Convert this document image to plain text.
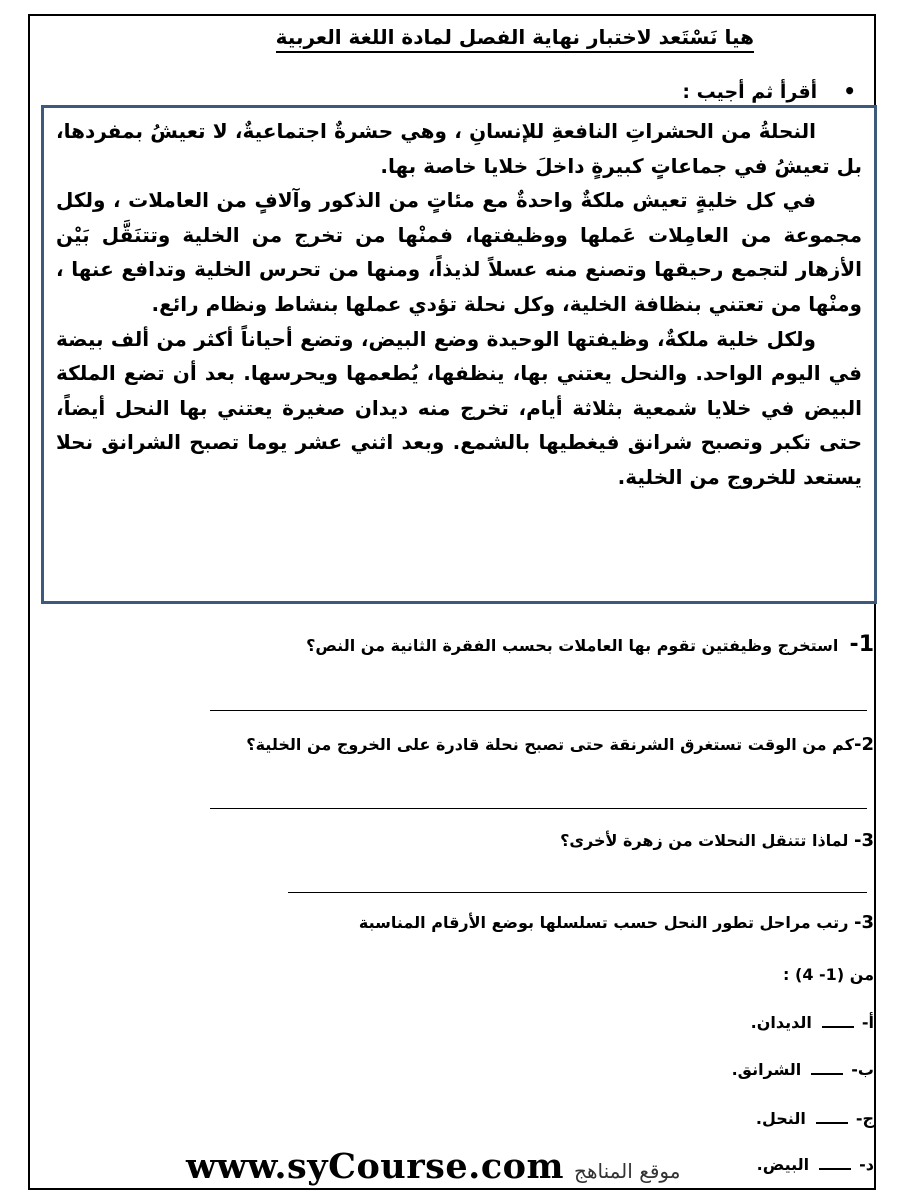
هيا نَسْتَعد لاختبار نهاية الفصل لمادة اللغة العربية
•أقرأ ثم أجيب :

النحلةُ من الحشراتِ النافعةِ للإنسانِ ، وهي حشرةٌ اجتماعيةٌ، لا تعيشُ بمفردها، بل تعيشُ في جماعاتٍ كبيرةٍ داخلَ خلايا خاصة بها.

في كل خليةٍ تعيش ملكةٌ واحدةٌ مع مئاتٍ من الذكور وآلافٍ من العاملات ، ولكل مجموعة من العامِلات عَملها ووظيفتها، فمنْها من تخرج من الخلية وتتنَقَّل بَيْن الأزهار لتجمع رحيقها وتصنع منه عسلاً لذيذاً، ومنها من تحرس الخلية وتدافع عنها ، ومنْها من تعتني بنظافة الخلية، وكل نحلة تؤدي عملها بنشاط ونظام رائع.

ولكل خلية ملكةٌ، وظيفتها الوحيدة وضع البيض، وتضع أحياناً أكثر من ألف بيضة في اليوم الواحد. والنحل يعتني بها، ينظفها، يُطعمها ويحرسها. بعد أن تضع الملكة البيض في خلايا شمعية بثلاثة أيام، تخرج منه ديدان صغيرة يعتني بها النحل أيضاً، حتى تكبر وتصبح شرانق فيغطيها بالشمع. وبعد اثني عشر يوما تصبح الشرانق نحلا يستعد للخروج من الخلية.

1-  استخرج وظيفتين تقوم بها العاملات بحسب الفقرة الثانية من النص؟
2-كم من الوقت تستغرق الشرنقة حتى تصبح نحلة قادرة على الخروج من الخلية؟
3- لماذا تتنقل النحلات من زهرة لأخرى؟
3- رتب مراحل تطور النحل حسب تسلسلها بوضع الأرقام المناسبة
من (1- 4) :
أ-الديدان.
ب-الشرانق.
ج-النحل.
د-البيض.
www.syCourse.com موقع المناهج
